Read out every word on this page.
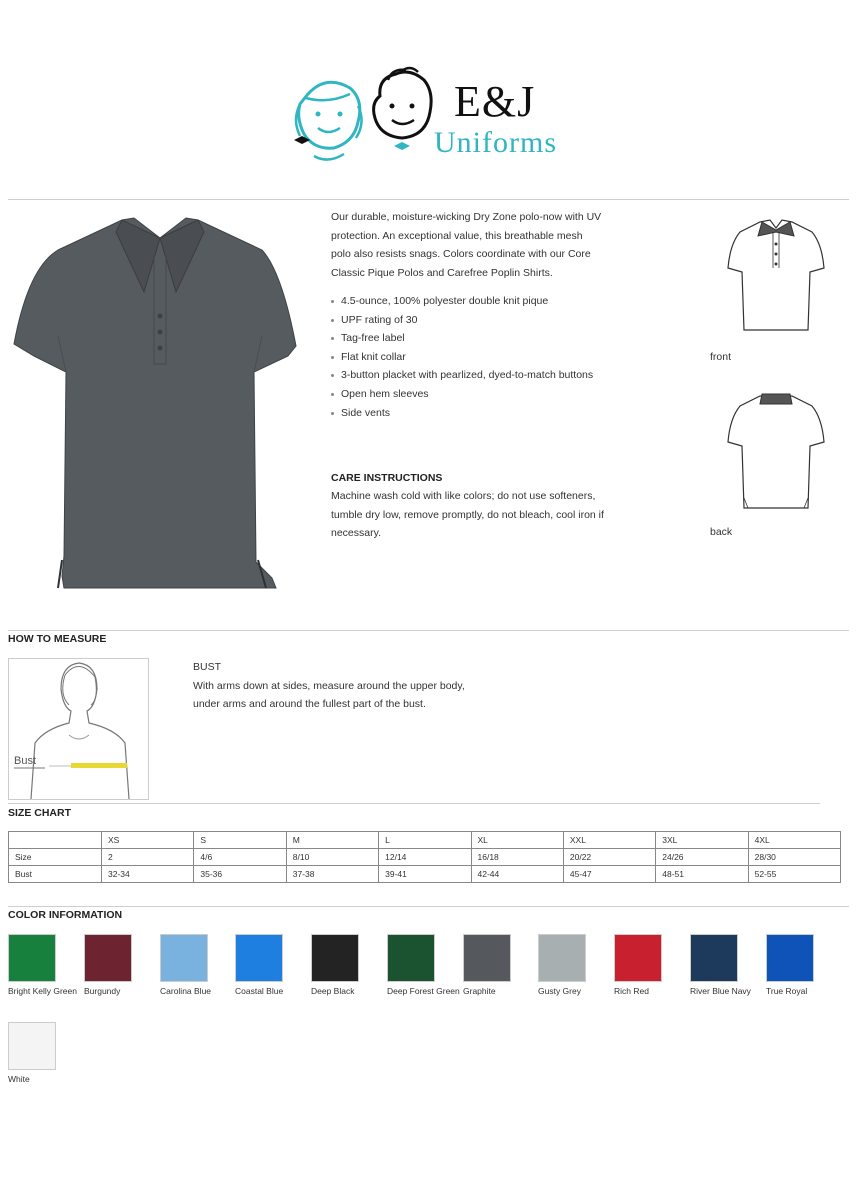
E&J
Uniforms
Our durable, moisture-wicking Dry Zone polo-now with UV protection. An exceptional value, this breathable mesh polo also resists snags. Colors coordinate with our Core Classic Pique Polos and Carefree Poplin Shirts.
4.5-ounce, 100% polyester double knit pique
UPF rating of 30
Tag-free label
Flat knit collar
3-button placket with pearlized, dyed-to-match buttons
Open hem sleeves
Side vents
CARE INSTRUCTIONS
Machine wash cold with like colors; do not use softeners, tumble dry low, remove promptly, do not bleach, cool iron if necessary.
front
back
HOW TO MEASURE
Bust
BUST
With arms down at sides, measure around the upper body,
under arms and around the fullest part of the bust.
SIZE CHART
	XS	S	M	L	XL	XXL	3XL	4XL
Size	2	4/6	8/10	12/14	16/18	20/22	24/26	28/30
Bust	32-34	35-36	37-38	39-41	42-44	45-47	48-51	52-55
COLOR INFORMATION
Bright Kelly Green Burgundy	Carolina Blue	Coastal Blue	Deep Black	Deep Forest Green Graphite	Gusty Grey	Rich Red	River Blue Navy	True Royal
White
